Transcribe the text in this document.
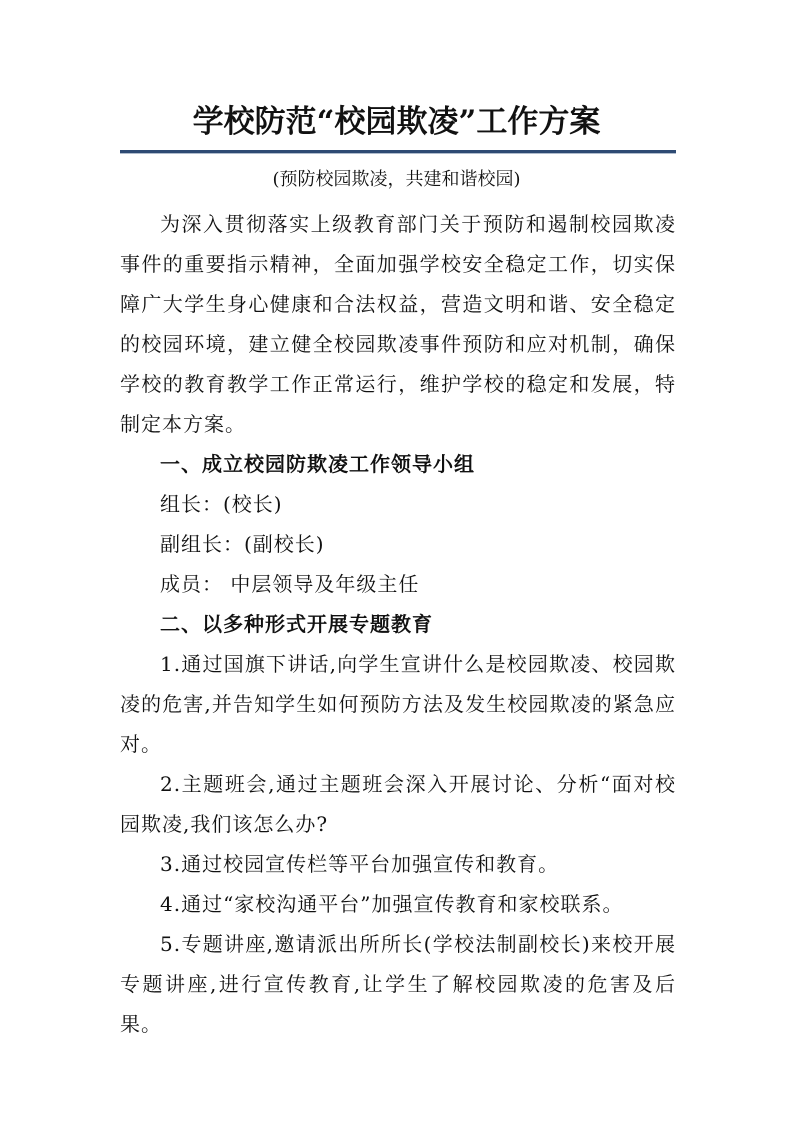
学校防范“校园欺凌”工作方案
(预防校园欺凌，共建和谐校园)

为深入贯彻落实上级教育部门关于预防和遏制校园欺凌事件的重要指示精神，全面加强学校安全稳定工作，切实保障广大学生身心健康和合法权益，营造文明和谐、安全稳定的校园环境，建立健全校园欺凌事件预防和应对机制，确保学校的教育教学工作正常运行，维护学校的稳定和发展，特制定本方案。

一、成立校园防欺凌工作领导小组

组长：(校长)

副组长：(副校长)

成员： 中层领导及年级主任

二、以多种形式开展专题教育

1.通过国旗下讲话,向学生宣讲什么是校园欺凌、校园欺凌的危害,并告知学生如何预防方法及发生校园欺凌的紧急应对。

2.主题班会,通过主题班会深入开展讨论、分析“面对校园欺凌,我们该怎么办?

3.通过校园宣传栏等平台加强宣传和教育。

4.通过“家校沟通平台”加强宣传教育和家校联系。

5.专题讲座,邀请派出所所长(学校法制副校长)来校开展专题讲座,进行宣传教育,让学生了解校园欺凌的危害及后果。
